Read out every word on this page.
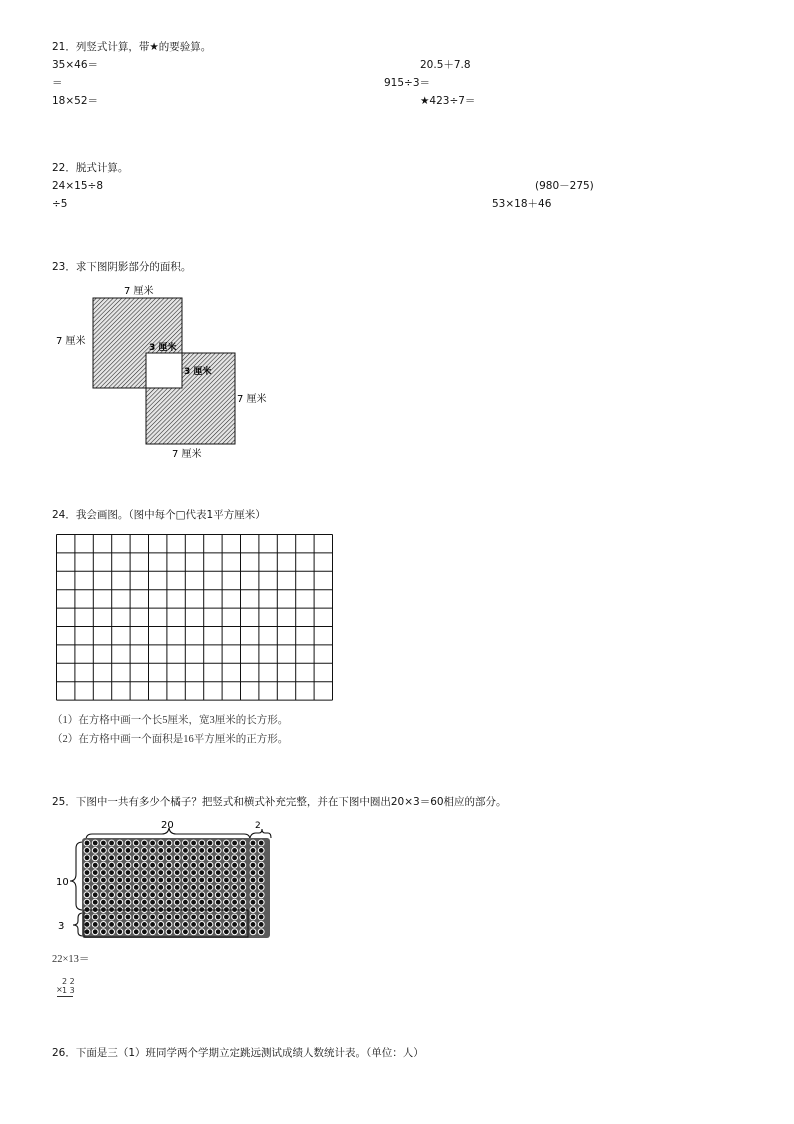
21．列竖式计算，带★的要验算。
35×46＝	20.5＋7.8
＝	915÷3＝
18×52＝	★423÷7＝
22．脱式计算。
24×15÷8	(980－275)
÷5	53×18＋46
23．求下图阴影部分的面积。
7 厘米
7 厘米
3 厘米
3 厘米
7 厘米
7 厘米
24．我会画图。（图中每个□代表1平方厘米）
（1）在方格中画一个长5厘米，宽3厘米的长方形。
（2）在方格中画一个面积是16平方厘米的正方形。
25．下图中一共有多少个橘子？把竖式和横式补充完整，并在下图中圈出20×3＝60相应的部分。
20	2
10
3
22×13＝
2 2
× 1 3
26．下面是三（1）班同学两个学期立定跳远测试成绩人数统计表。（单位：人）
